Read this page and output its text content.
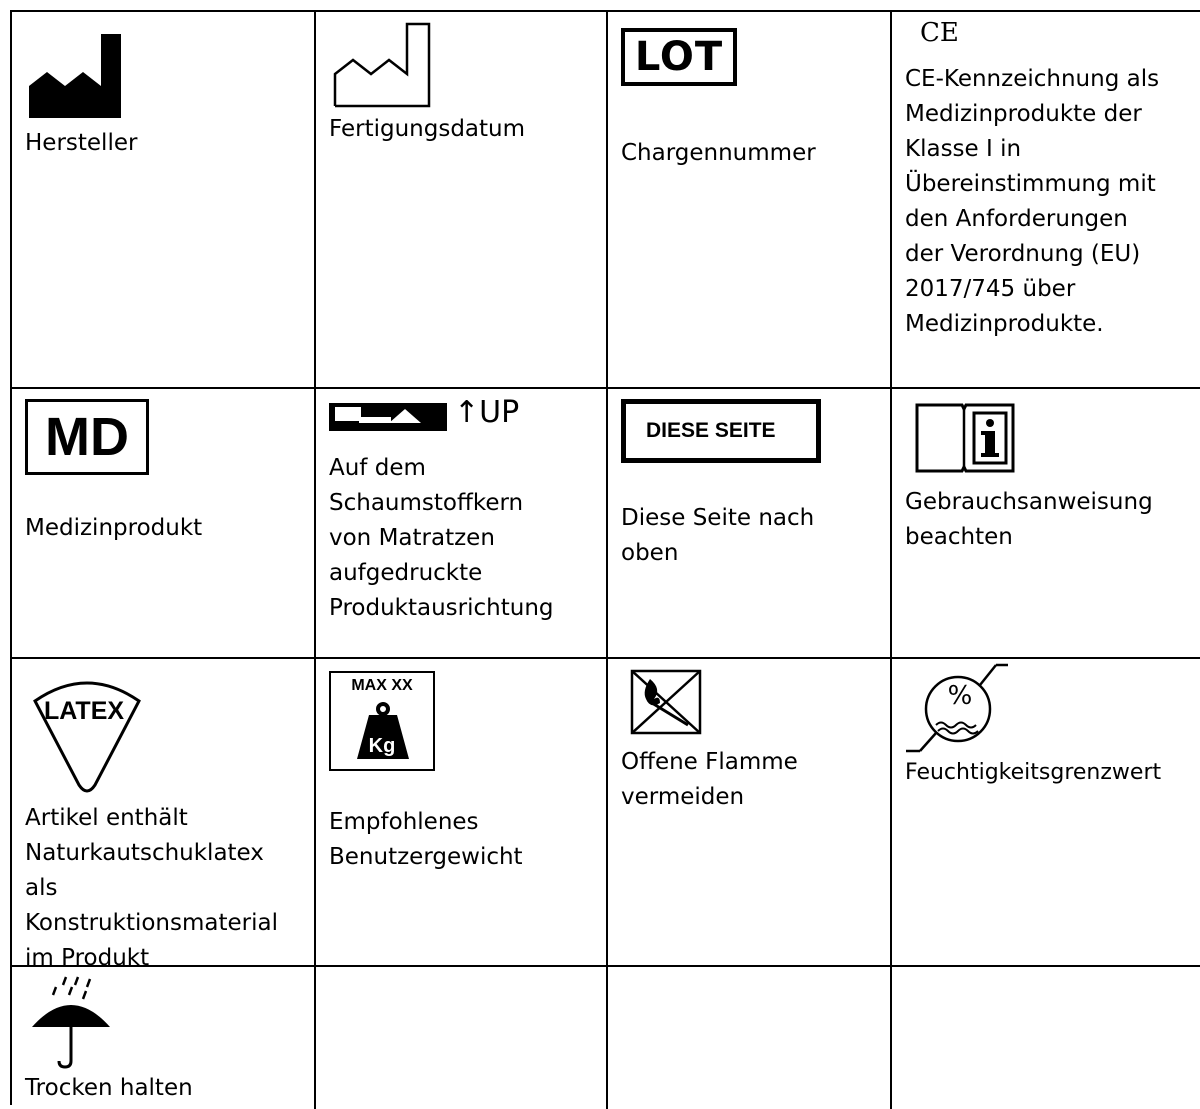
Hersteller

Fertigungsdatum

LOT

Chargennummer

CE

CE-Kennzeichnung als
Medizinprodukte der
Klasse I in
Übereinstimmung mit
den Anforderungen
der Verordnung (EU)
2017/745 über
Medizinprodukte.

MD

Medizinprodukt

↑UP

Auf dem
Schaumstoffkern
von Matratzen
aufgedruckte
Produktausrichtung

DIESE SEITE

Diese Seite nach
oben

Gebrauchsanweisung
beachten

LATEX

Artikel enthält
Naturkautschuklatex
als
Konstruktionsmaterial
im Produkt

MAX XX
Kg

Empfohlenes
Benutzergewicht

Offene Flamme
vermeiden

%

Feuchtigkeitsgrenzwert

Trocken halten
